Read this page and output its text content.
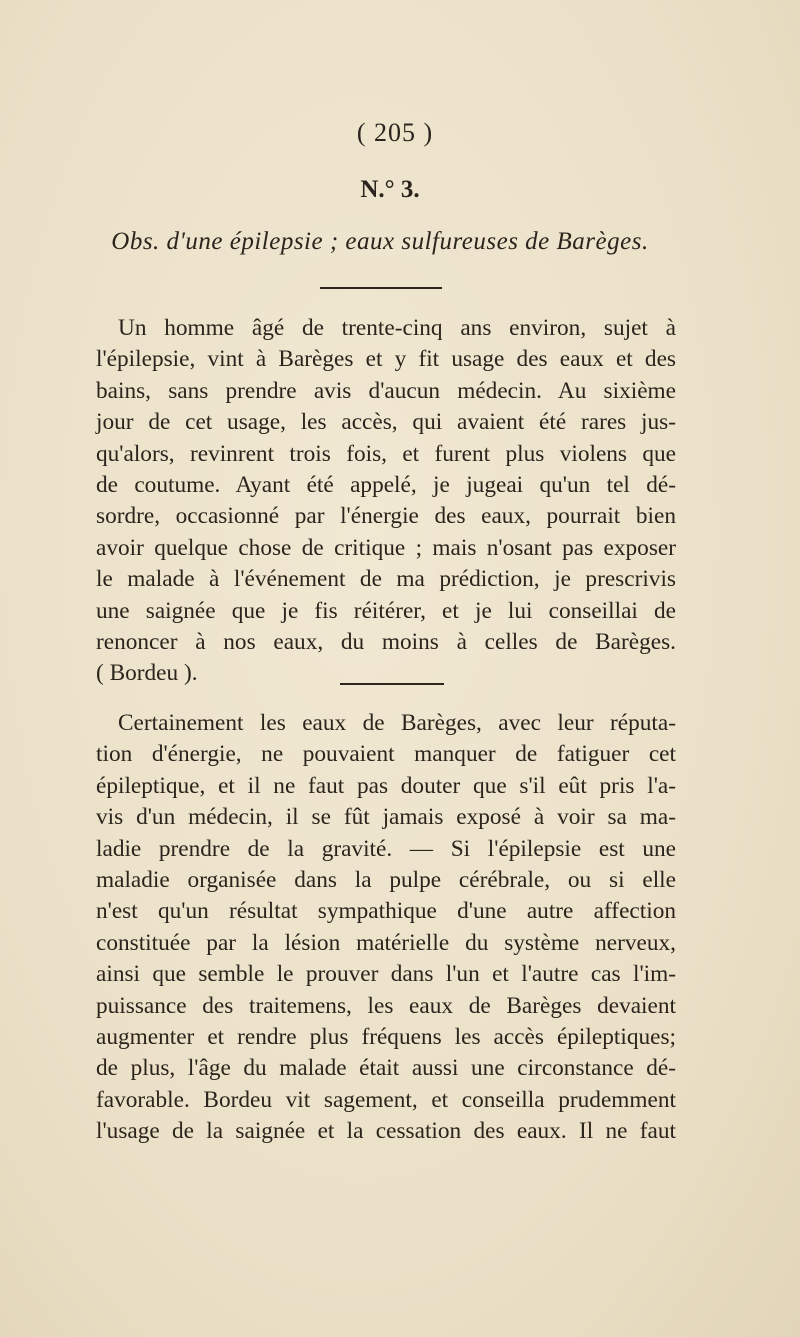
( 205 )
N.° 3.
Obs. d'une épilepsie ; eaux sulfureuses de Barèges.
Un homme âgé de trente-cinq ans environ, sujet à
l'épilepsie, vint à Barèges et y fit usage des eaux et des
bains, sans prendre avis d'aucun médecin. Au sixième
jour de cet usage, les accès, qui avaient été rares jus-
qu'alors, revinrent trois fois, et furent plus violens que
de coutume. Ayant été appelé, je jugeai qu'un tel dé-
sordre, occasionné par l'énergie des eaux, pourrait bien
avoir quelque chose de critique ; mais n'osant pas exposer
le malade à l'événement de ma prédiction, je prescrivis
une saignée que je fis réitérer, et je lui conseillai de
renoncer à nos eaux, du moins à celles de Barèges.
( Bordeu ).
Certainement les eaux de Barèges, avec leur réputa-
tion d'énergie, ne pouvaient manquer de fatiguer cet
épileptique, et il ne faut pas douter que s'il eût pris l'a-
vis d'un médecin, il se fût jamais exposé à voir sa ma-
ladie prendre de la gravité. — Si l'épilepsie est une
maladie organisée dans la pulpe cérébrale, ou si elle
n'est qu'un résultat sympathique d'une autre affection
constituée par la lésion matérielle du système nerveux,
ainsi que semble le prouver dans l'un et l'autre cas l'im-
puissance des traitemens, les eaux de Barèges devaient
augmenter et rendre plus fréquens les accès épileptiques;
de plus, l'âge du malade était aussi une circonstance dé-
favorable. Bordeu vit sagement, et conseilla prudemment
l'usage de la saignée et la cessation des eaux. Il ne faut
